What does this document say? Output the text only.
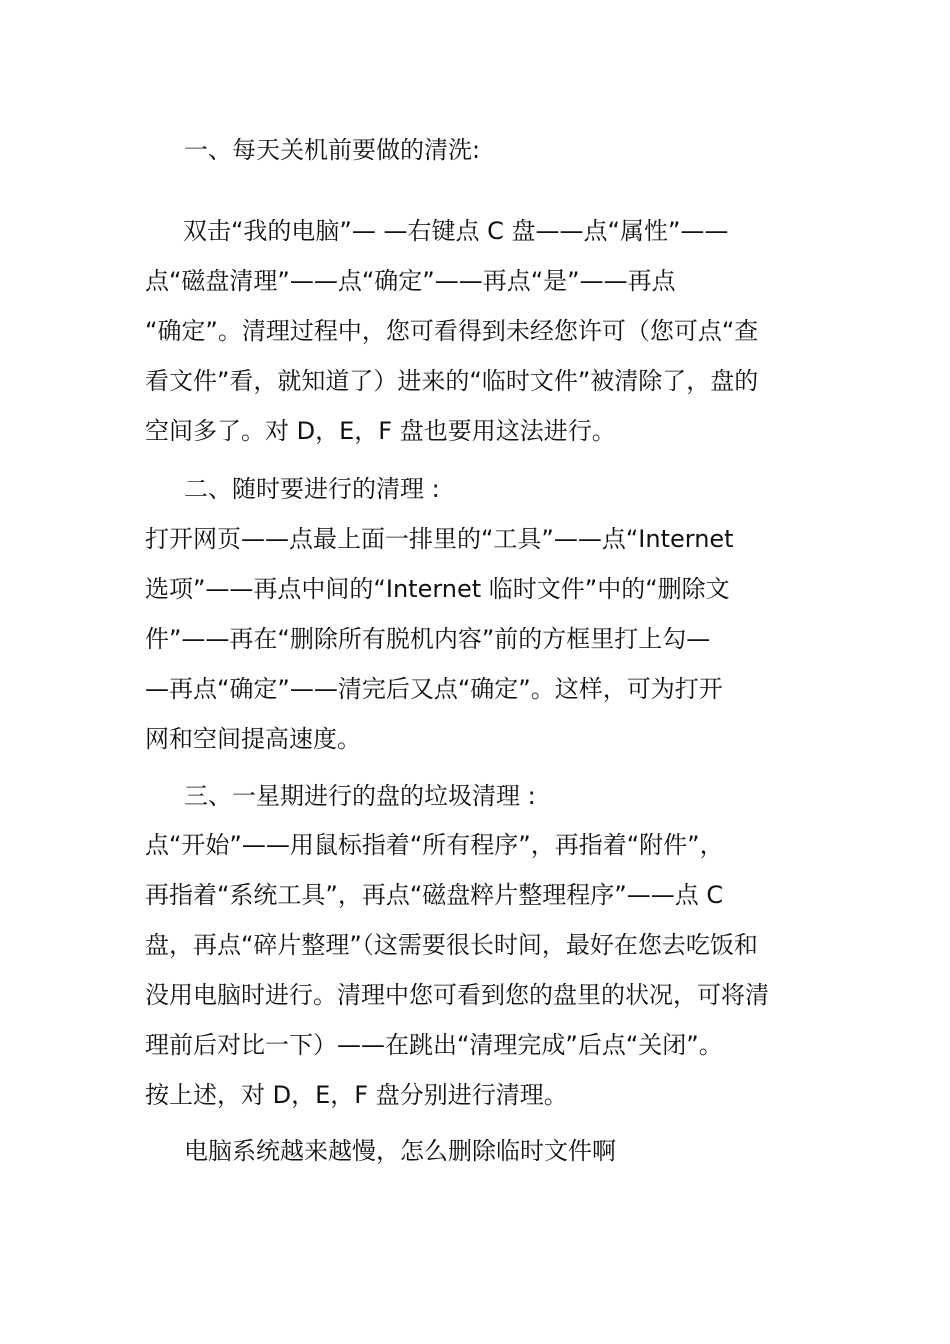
一、每天关机前要做的清洗:
双击“我的电脑”— —右键点 C 盘——点“属性”——
点“磁盘清理”——点“确定”——再点“是”——再点
“确定”。清理过程中，您可看得到未经您许可（您可点“查
看文件”看，就知道了）进来的“临时文件”被清除了，盘的
空间多了。对 D，E，F 盘也要用这法进行。
二、随时要进行的清理 :
打开网页——点最上面一排里的“工具”——点“Internet
选项”——再点中间的“Internet 临时文件”中的“删除文
件”——再在“删除所有脱机内容”前的方框里打上勾—
—再点“确定”——清完后又点“确定”。这样，可为打开
网和空间提高速度。
三、一星期进行的盘的垃圾清理 :
点“开始”——用鼠标指着“所有程序”，再指着“附件”，
再指着“系统工具”，再点“磁盘粹片整理程序”——点 C
盘，再点“碎片整理”（这需要很长时间，最好在您去吃饭和
没用电脑时进行。清理中您可看到您的盘里的状况，可将清
理前后对比一下）——在跳出“清理完成”后点“关闭”。
按上述，对 D，E，F 盘分别进行清理。
电脑系统越来越慢，怎么删除临时文件啊
